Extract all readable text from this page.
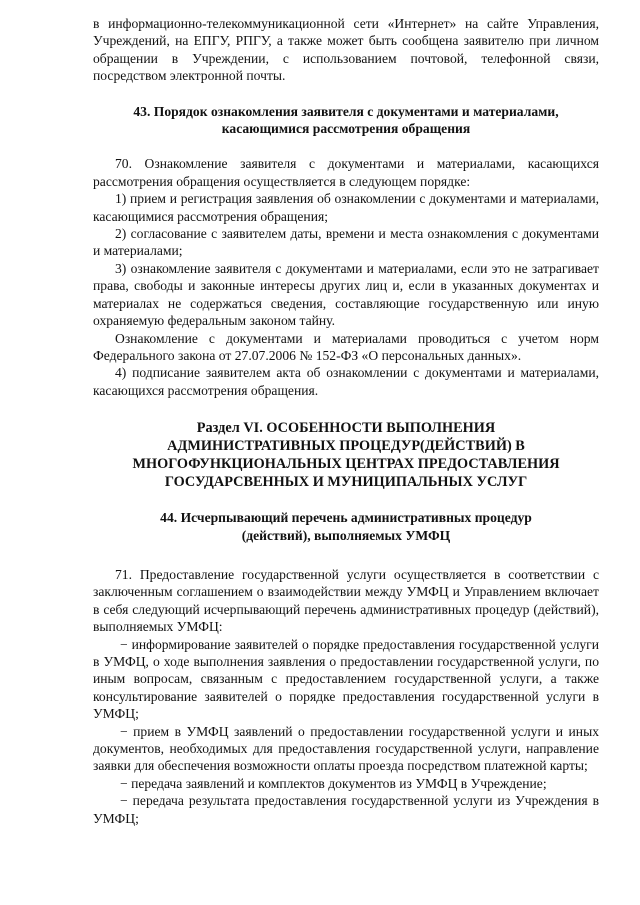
в информационно-телекоммуникационной сети «Интернет» на сайте Управления, Учреждений, на ЕПГУ, РПГУ, а также может быть сообщена заявителю при личном обращении в Учреждении, с использованием почтовой, телефонной связи, посредством электронной почты.

43. Порядок ознакомления заявителя с документами и материалами,

касающимися рассмотрения обращения

70. Ознакомление заявителя с документами и материалами, касающихся рассмотрения обращения осуществляется в следующем порядке:

1) прием и регистрация заявления об ознакомлении с документами и материалами, касающимися рассмотрения обращения;

2) согласование с заявителем даты, времени и места ознакомления с документами и материалами;

3) ознакомление заявителя с документами и материалами, если это не затрагивает права, свободы и законные интересы других лиц и, если в указанных документах и материалах не содержаться сведения, составляющие государственную или иную охраняемую федеральным законом тайну.

Ознакомление с документами и материалами проводиться с учетом норм Федерального закона от 27.07.2006 № 152-ФЗ «О персональных данных».

4) подписание заявителем акта об ознакомлении с документами и материалами, касающихся рассмотрения обращения.

Раздел VI. ОСОБЕННОСТИ ВЫПОЛНЕНИЯ

АДМИНИСТРАТИВНЫХ ПРОЦЕДУР(ДЕЙСТВИЙ) В

МНОГОФУНКЦИОНАЛЬНЫХ ЦЕНТРАХ ПРЕДОСТАВЛЕНИЯ

ГОСУДАРСВЕННЫХ И МУНИЦИПАЛЬНЫХ УСЛУГ

44. Исчерпывающий перечень административных процедур

(действий), выполняемых УМФЦ

71. Предоставление государственной услуги осуществляется в соответствии с заключенным соглашением о взаимодействии между УМФЦ и Управлением включает в себя следующий исчерпывающий перечень административных процедур (действий), выполняемых УМФЦ:

− информирование заявителей о порядке предоставления государственной услуги в УМФЦ, о ходе выполнения заявления о предоставлении государственной услуги, по иным вопросам, связанным с предоставлением государственной услуги, а также консультирование заявителей о порядке предоставления государственной услуги в УМФЦ;

− прием в УМФЦ заявлений о предоставлении государственной услуги и иных документов, необходимых для предоставления государственной услуги, направление заявки для обеспечения возможности оплаты проезда посредством платежной карты;

− передача заявлений и комплектов документов из УМФЦ в Учреждение;

− передача результата предоставления государственной услуги из Учреждения в УМФЦ;
